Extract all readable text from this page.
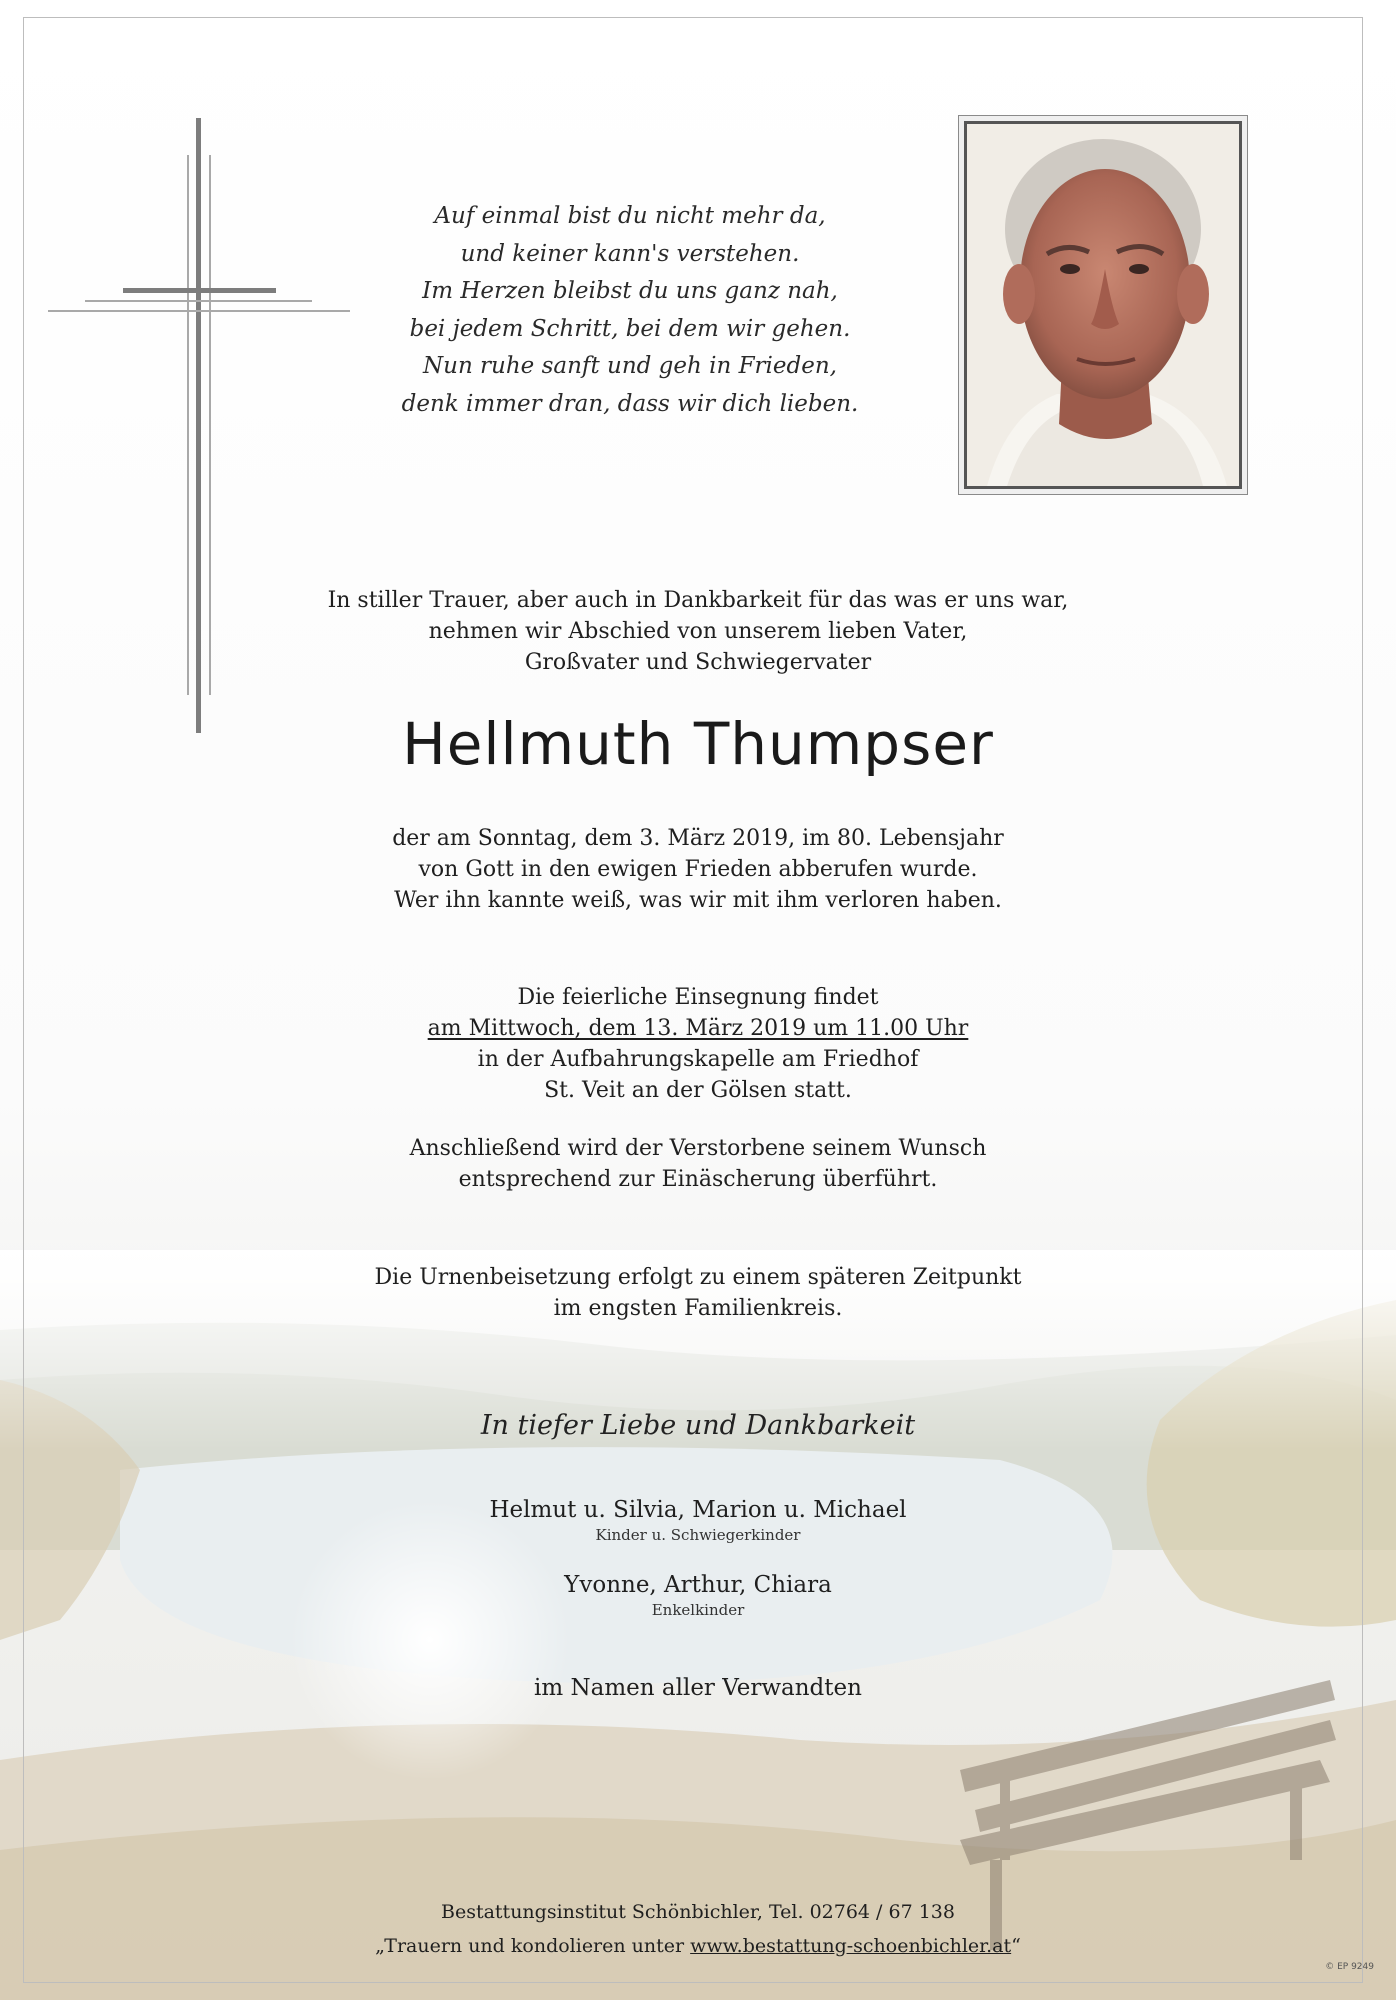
Auf einmal bist du nicht mehr da,
und keiner kann's verstehen.
Im Herzen bleibst du uns ganz nah,
bei jedem Schritt, bei dem wir gehen.
Nun ruhe sanft und geh in Frieden,
denk immer dran, dass wir dich lieben.
In stiller Trauer, aber auch in Dankbarkeit für das was er uns war,
nehmen wir Abschied von unserem lieben Vater,
Großvater und Schwiegervater
Hellmuth Thumpser
der am Sonntag, dem 3. März 2019, im 80. Lebensjahr
von Gott in den ewigen Frieden abberufen wurde.
Wer ihn kannte weiß, was wir mit ihm verloren haben.
Die feierliche Einsegnung findet
am Mittwoch, dem 13. März 2019 um 11.00 Uhr
in der Aufbahrungskapelle am Friedhof
St. Veit an der Gölsen statt.
Anschließend wird der Verstorbene seinem Wunsch
entsprechend zur Einäscherung überführt.
Die Urnenbeisetzung erfolgt zu einem späteren Zeitpunkt
im engsten Familienkreis.
In tiefer Liebe und Dankbarkeit
Helmut u. Silvia, Marion u. Michael
Kinder u. Schwiegerkinder
Yvonne, Arthur, Chiara
Enkelkinder
im Namen aller Verwandten
Bestattungsinstitut Schönbichler, Tel. 02764 / 67 138
„Trauern und kondolieren unter www.bestattung-schoenbichler.at“
© EP 9249
